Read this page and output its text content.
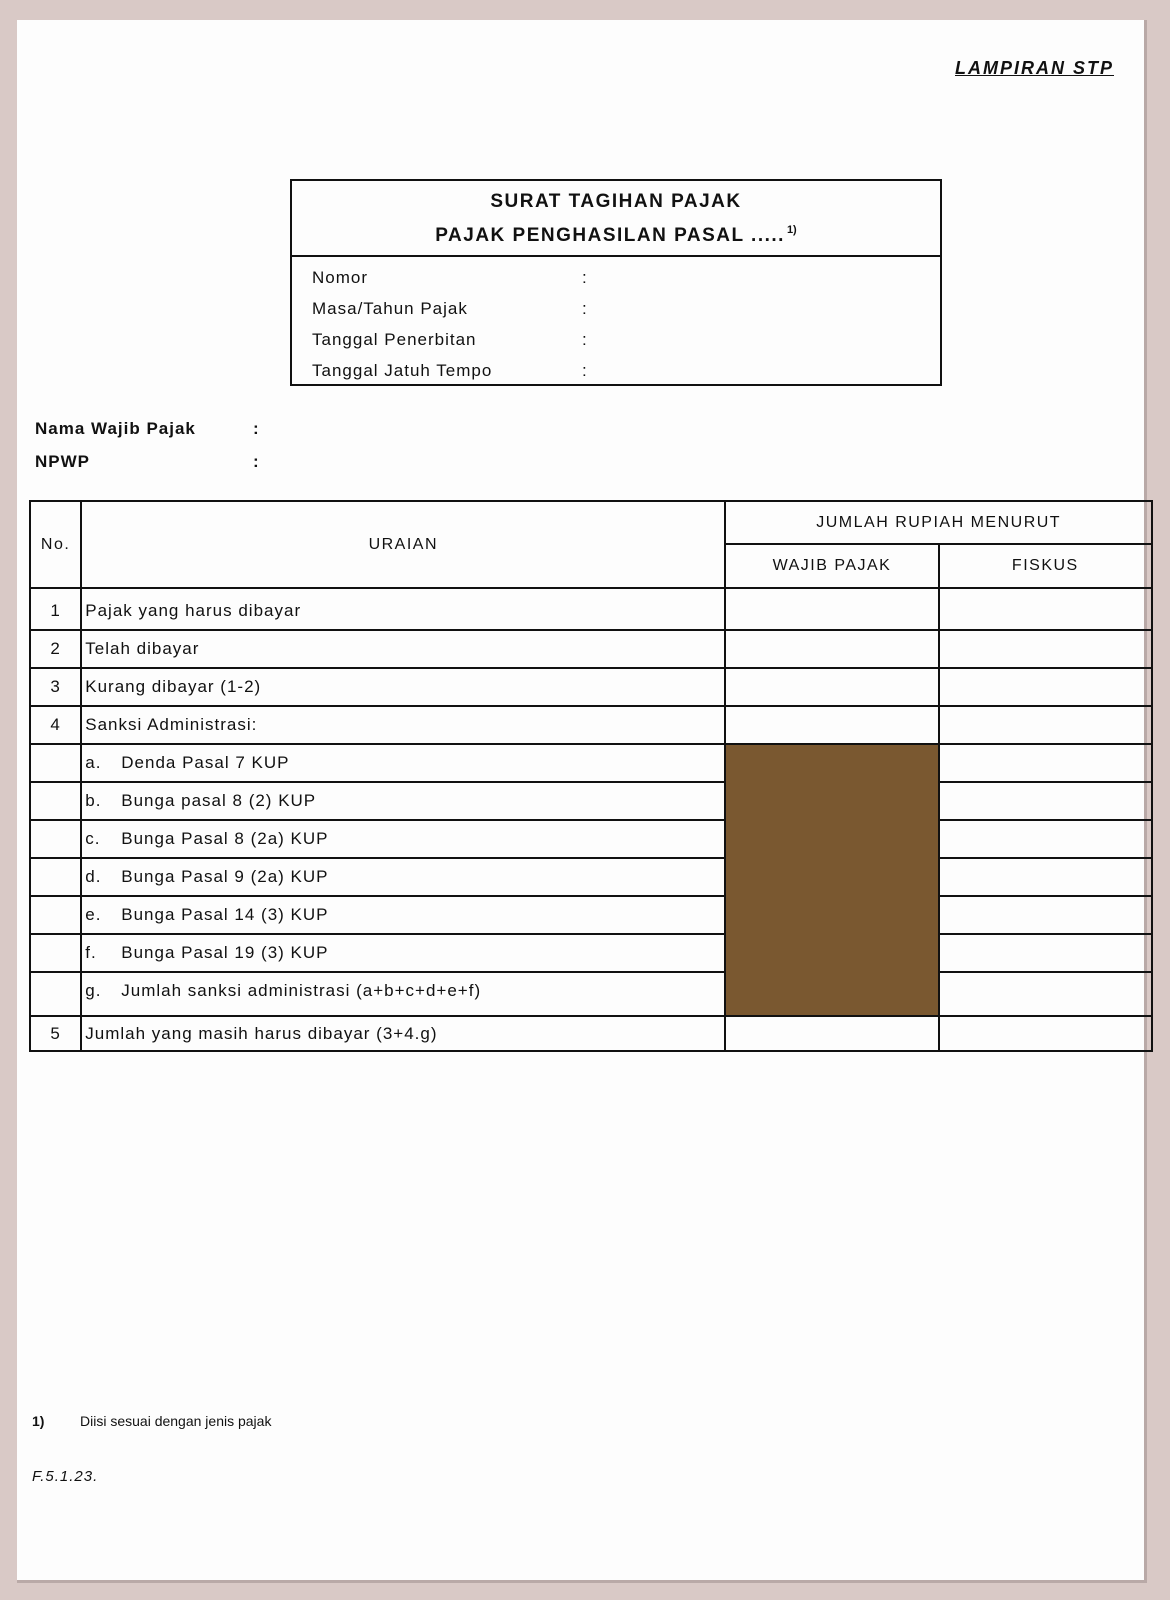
LAMPIRAN STP
SURAT TAGIHAN PAJAK
PAJAK PENGHASILAN PASAL ..... $^{1)}$
Nomor	:
Masa/Tahun Pajak	:
Tanggal Penerbitan	:
Tanggal Jatuh Tempo	:
Nama Wajib Pajak	:
NPWP	:
No.	URAIAN	JUMLAH RUPIAH MENURUT	
		WAJIB PAJAK	FISKUS
1	Pajak yang harus dibayar		
2	Telah dibayar		
3	Kurang dibayar (1-2)		
4	Sanksi Administrasi:		
	a. Denda Pasal 7 KUP		
	b. Bunga pasal 8 (2) KUP		
	c. Bunga Pasal 8 (2a) KUP		
	d. Bunga Pasal 9 (2a) KUP		
	e. Bunga Pasal 14 (3) KUP		
	f. Bunga Pasal 19 (3) KUP		
	g. Jumlah sanksi administrasi (a+b+c+d+e+f)		
5	Jumlah yang masih harus dibayar (3+4.g)		
1)	Diisi sesuai dengan jenis pajak
F.5.1.23.
